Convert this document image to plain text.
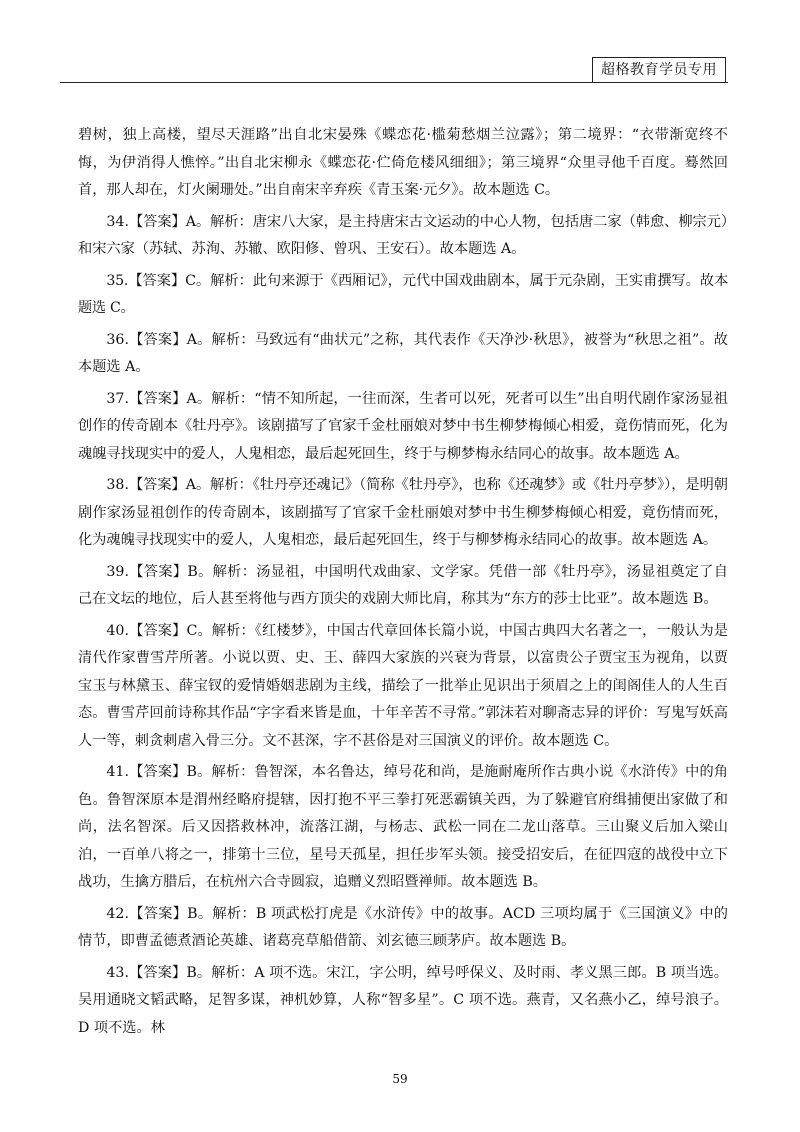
超格教育学员专用

碧树，独上高楼，望尽天涯路”出自北宋晏殊《蝶恋花·槛菊愁烟兰泣露》；第二境界：“衣带渐宽终不悔，为伊消得人憔悴。”出自北宋柳永《蝶恋花·伫倚危楼风细细》；第三境界“众里寻他千百度。蓦然回首，那人却在，灯火阑珊处。”出自南宋辛弃疾《青玉案·元夕》。故本题选 C。

34.【答案】A。解析：唐宋八大家，是主持唐宋古文运动的中心人物，包括唐二家（韩愈、柳宗元）和宋六家（苏轼、苏洵、苏辙、欧阳修、曾巩、王安石）。故本题选 A。

35.【答案】C。解析：此句来源于《西厢记》，元代中国戏曲剧本，属于元杂剧，王实甫撰写。故本题选 C。

36.【答案】A。解析：马致远有“曲状元”之称，其代表作《天净沙·秋思》，被誉为“秋思之祖”。故本题选 A。

37.【答案】A。解析：“情不知所起，一往而深，生者可以死，死者可以生”出自明代剧作家汤显祖创作的传奇剧本《牡丹亭》。该剧描写了官家千金杜丽娘对梦中书生柳梦梅倾心相爱，竟伤情而死，化为魂魄寻找现实中的爱人，人鬼相恋，最后起死回生，终于与柳梦梅永结同心的故事。故本题选 A。

38.【答案】A。解析：《牡丹亭还魂记》（简称《牡丹亭》，也称《还魂梦》或《牡丹亭梦》），是明朝剧作家汤显祖创作的传奇剧本，该剧描写了官家千金杜丽娘对梦中书生柳梦梅倾心相爱，竟伤情而死，化为魂魄寻找现实中的爱人，人鬼相恋，最后起死回生，终于与柳梦梅永结同心的故事。故本题选 A。

39.【答案】B。解析：汤显祖，中国明代戏曲家、文学家。凭借一部《牡丹亭》，汤显祖奠定了自己在文坛的地位，后人甚至将他与西方顶尖的戏剧大师比肩，称其为“东方的莎士比亚”。故本题选 B。

40.【答案】C。解析：《红楼梦》，中国古代章回体长篇小说，中国古典四大名著之一，一般认为是清代作家曹雪芹所著。小说以贾、史、王、薛四大家族的兴衰为背景，以富贵公子贾宝玉为视角，以贾宝玉与林黛玉、薛宝钗的爱情婚姻悲剧为主线，描绘了一批举止见识出于须眉之上的闺阁佳人的人生百态。曹雪芹回前诗称其作品“字字看来皆是血，十年辛苦不寻常。”郭沫若对聊斋志异的评价：写鬼写妖高人一等，刺贪刺虐入骨三分。文不甚深，字不甚俗是对三国演义的评价。故本题选 C。

41.【答案】B。解析：鲁智深，本名鲁达，绰号花和尚，是施耐庵所作古典小说《水浒传》中的角色。鲁智深原本是渭州经略府提辖，因打抱不平三拳打死恶霸镇关西，为了躲避官府缉捕便出家做了和尚，法名智深。后又因搭救林冲，流落江湖，与杨志、武松一同在二龙山落草。三山聚义后加入梁山泊，一百单八将之一，排第十三位，星号天孤星，担任步军头领。接受招安后，在征四寇的战役中立下战功，生擒方腊后，在杭州六合寺圆寂，追赠义烈昭暨禅师。故本题选 B。

42.【答案】B。解析：B 项武松打虎是《水浒传》中的故事。ACD 三项均属于《三国演义》中的情节，即曹孟德煮酒论英雄、诸葛亮草船借箭、刘玄德三顾茅庐。故本题选 B。

43.【答案】B。解析：A 项不选。宋江，字公明，绰号呼保义、及时雨、孝义黑三郎。B 项当选。吴用通晓文韬武略，足智多谋，神机妙算，人称“智多星”。C 项不选。燕青，又名燕小乙，绰号浪子。D 项不选。林

59
